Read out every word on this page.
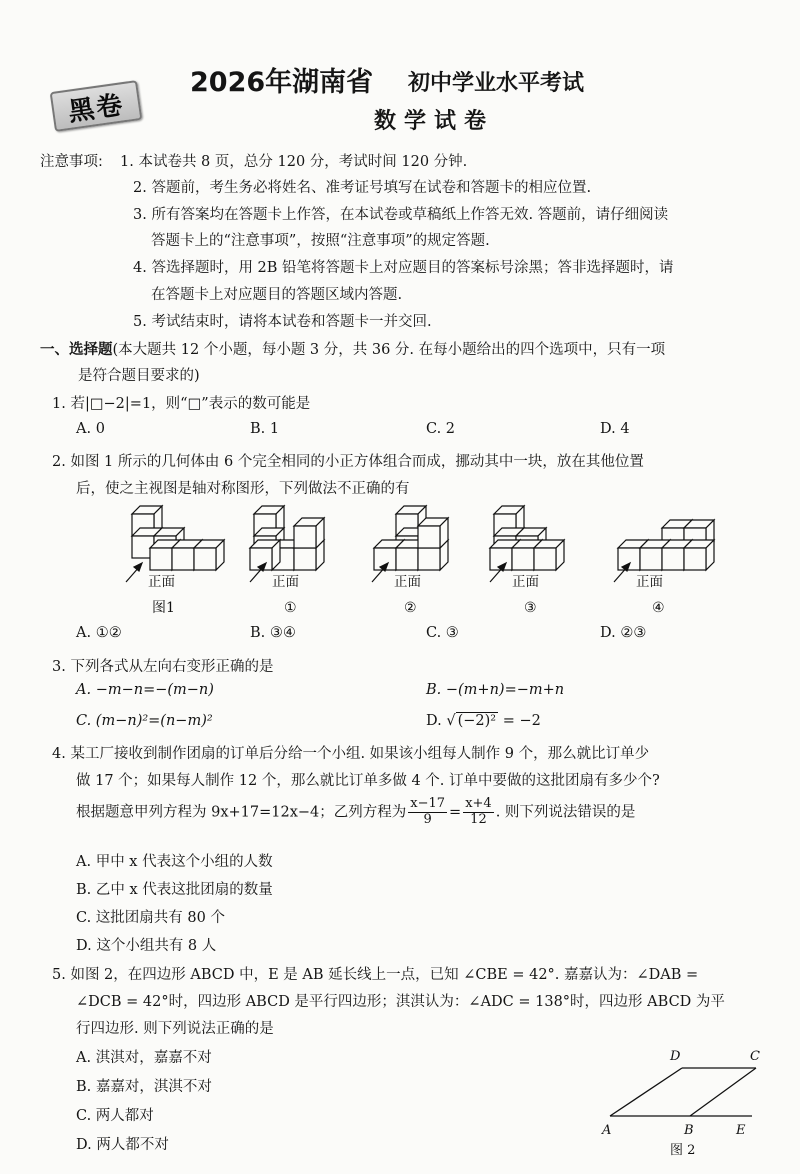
黑卷
2026年湖南省 初中学业水平考试
数学试卷
注意事项: 1. 本试卷共 8 页，总分 120 分，考试时间 120 分钟.
2. 答题前，考生务必将姓名、准考证号填写在试卷和答题卡的相应位置.
3. 所有答案均在答题卡上作答，在本试卷或草稿纸上作答无效. 答题前，请仔细阅读
答题卡上的“注意事项”，按照“注意事项”的规定答题.
4. 答选择题时，用 2B 铅笔将答题卡上对应题目的答案标号涂黑；答非选择题时，请
在答题卡上对应题目的答题区域内答题.
5. 考试结束时，请将本试卷和答题卡一并交回.
一、选择题(本大题共 12 个小题，每小题 3 分，共 36 分. 在每小题给出的四个选项中，只有一项
是符合题目要求的)
1. 若|□−2|=1，则“□”表示的数可能是
A. 0	B. 1	C. 2	D. 4
2. 如图 1 所示的几何体由 6 个完全相同的小正方体组合而成，挪动其中一块，放在其他位置
后，使之主视图是轴对称图形，下列做法不正确的有
正面	正面	正面	正面	正面
图1	①	②	③	④
A. ①②	B. ③④	C. ③	D. ②③
3. 下列各式从左向右变形正确的是
A. −m−n=−(m−n)	B. −(m+n)=−m+n
C. (m−n)²=(n−m)²	D. √ (−2)² = −2
4. 某工厂接收到制作团扇的订单后分给一个小组. 如果该小组每人制作 9 个，那么就比订单少
做 17 个；如果每人制作 12 个，那么就比订单多做 4 个. 订单中要做的这批团扇有多少个?
根据题意甲列方程为 9x+17=12x−4；乙列方程为 $\frac{x-17}{9} = \frac{x+4}{12}$ . 则下列说法错误的是
A. 甲中 x 代表这个小组的人数
B. 乙中 x 代表这批团扇的数量
C. 这批团扇共有 80 个
D. 这个小组共有 8 人
5. 如图 2，在四边形 ABCD 中，E 是 AB 延长线上一点，已知 ∠CBE = 42°. 嘉嘉认为：∠DAB =
∠DCB = 42°时，四边形 ABCD 是平行四边形；淇淇认为：∠ADC = 138°时，四边形 ABCD 为平
行四边形. 则下列说法正确的是
A. 淇淇对，嘉嘉不对
B. 嘉嘉对，淇淇不对
C. 两人都对
D. 两人都不对
D	C
A	B	E
图 2
